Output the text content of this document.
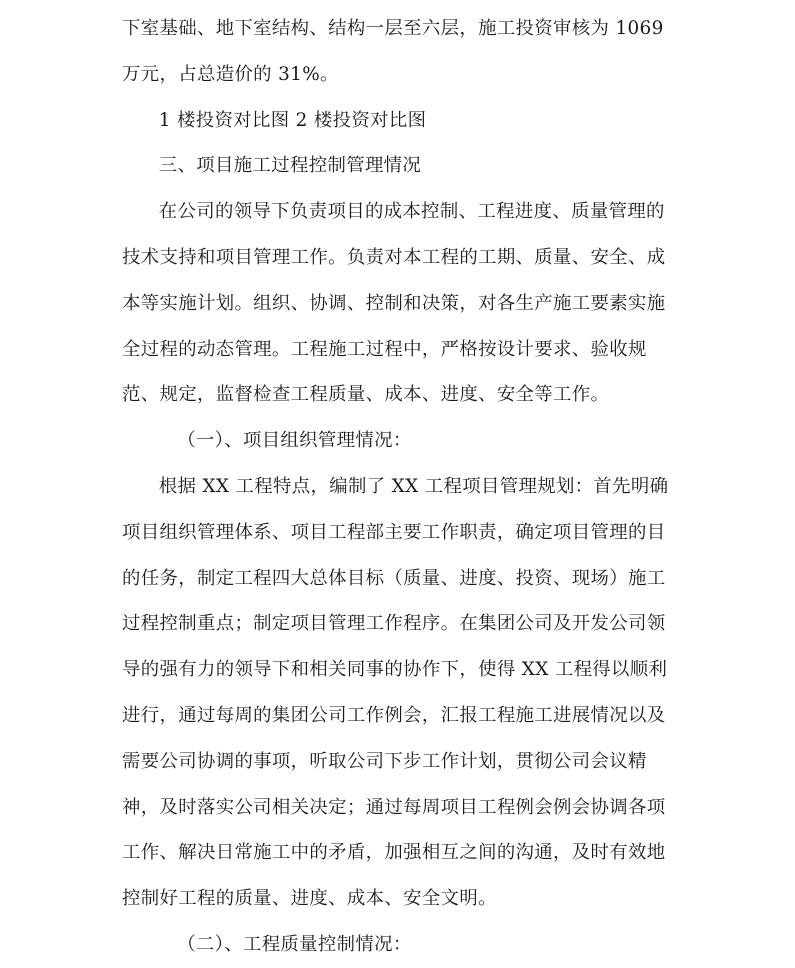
下室基础、地下室结构、结构一层至六层，施工投资审核为 1069 万元，占总造价的 31%。

1 楼投资对比图 2 楼投资对比图

三、项目施工过程控制管理情况

在公司的领导下负责项目的成本控制、工程进度、质量管理的技术支持和项目管理工作。负责对本工程的工期、质量、安全、成本等实施计划。组织、协调、控制和决策，对各生产施工要素实施全过程的动态管理。工程施工过程中，严格按设计要求、验收规范、规定，监督检查工程质量、成本、进度、安全等工作。

（一）、项目组织管理情况：

根据 XX 工程特点，编制了 XX 工程项目管理规划：首先明确项目组织管理体系、项目工程部主要工作职责，确定项目管理的目的任务，制定工程四大总体目标（质量、进度、投资、现场）施工过程控制重点；制定项目管理工作程序。在集团公司及开发公司领导的强有力的领导下和相关同事的协作下，使得 XX 工程得以顺利进行，通过每周的集团公司工作例会，汇报工程施工进展情况以及需要公司协调的事项，听取公司下步工作计划，贯彻公司会议精神，及时落实公司相关决定；通过每周项目工程例会例会协调各项工作、解决日常施工中的矛盾，加强相互之间的沟通，及时有效地控制好工程的质量、进度、成本、安全文明。

（二）、工程质量控制情况：
